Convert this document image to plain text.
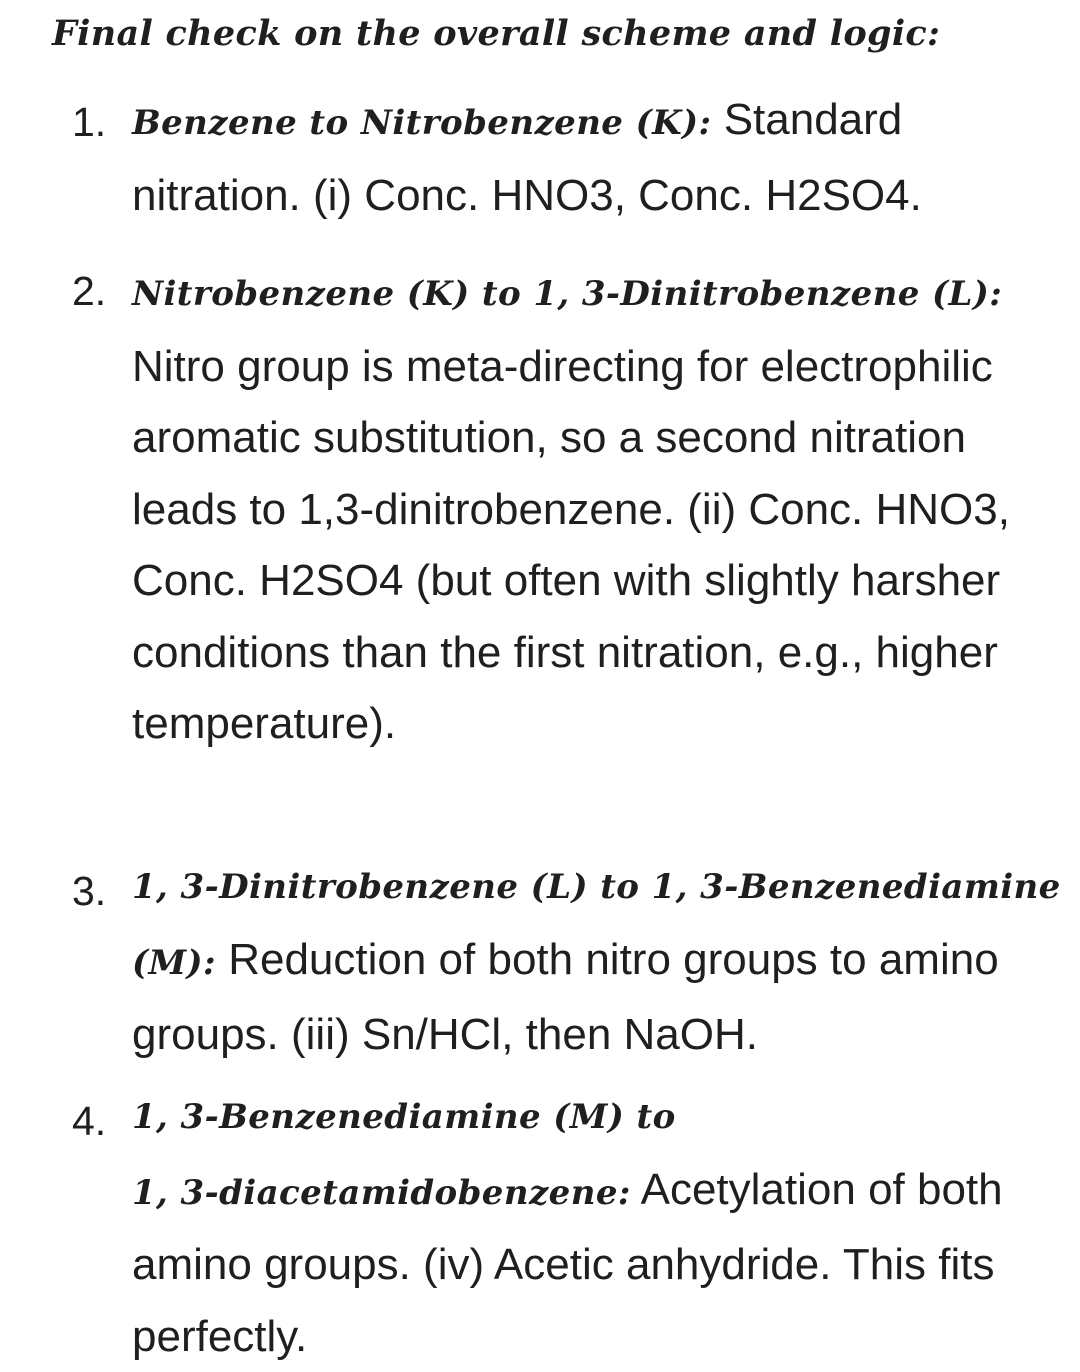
Final check on the overall scheme and logic:

1. Benzene to Nitrobenzene (K): Standard nitration. (i) Conc. HNO3, Conc. H2SO4.

2. Nitrobenzene (K) to 1, 3-Dinitrobenzene (L):
Nitro group is meta-directing for electrophilic aromatic substitution, so a second nitration leads to 1,3-dinitrobenzene. (ii) Conc. HNO3, Conc. H2SO4 (but often with slightly harsher conditions than the first nitration, e.g., higher temperature).

3. 1, 3-Dinitrobenzene (L) to 1, 3-Benzenediamine
(M): Reduction of both nitro groups to amino groups. (iii) Sn/HCl, then NaOH.

4. 1, 3-Benzenediamine (M) to
1, 3-diacetamidobenzene: Acetylation of both amino groups. (iv) Acetic anhydride. This fits perfectly.
